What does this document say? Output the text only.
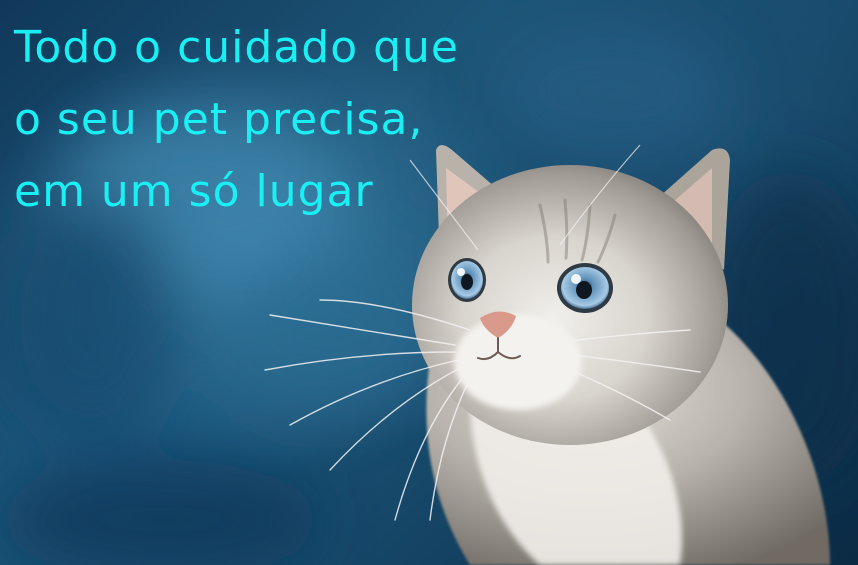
Todo o cuidado que
o seu pet precisa,
em um só lugar
